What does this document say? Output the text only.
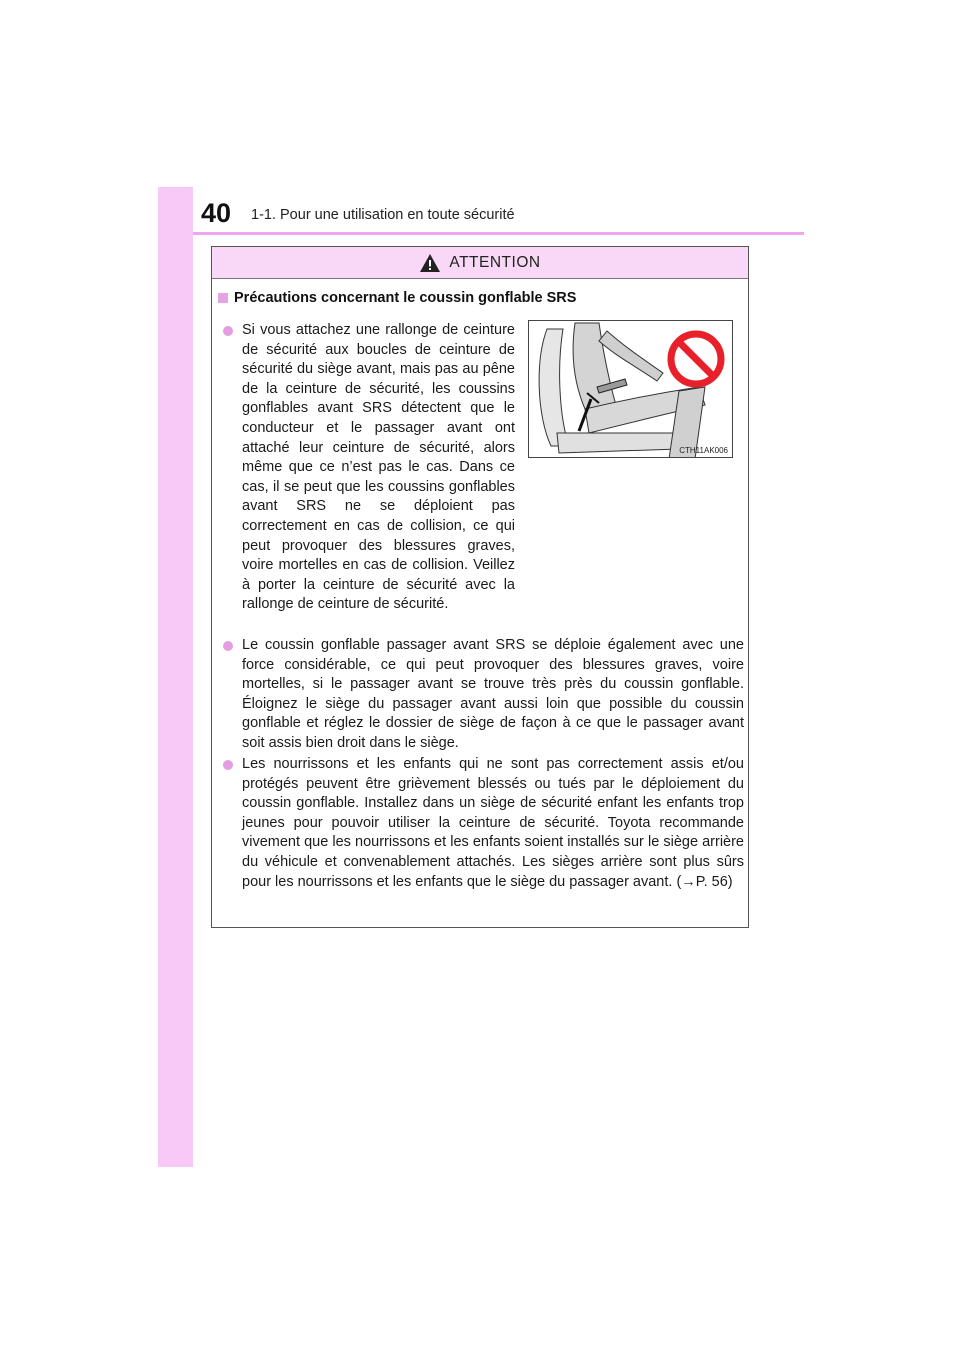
40 1-1. Pour une utilisation en toute sécurité
ATTENTION
Précautions concernant le coussin gonflable SRS
Si vous attachez une rallonge de ceinture de sécurité aux boucles de ceinture de sécurité du siège avant, mais pas au pêne de la ceinture de sécurité, les coussins gonflables avant SRS détectent que le conducteur et le passager avant ont attaché leur ceinture de sécurité, alors même que ce n’est pas le cas. Dans ce cas, il se peut que les coussins gonflables avant SRS ne se déploient pas correctement en cas de collision, ce qui peut provoquer des blessures graves, voire mortelles en cas de collision. Veillez à porter la ceinture de sécurité avec la rallonge de ceinture de sécurité.
CTH11AK006
Le coussin gonflable passager avant SRS se déploie également avec une force considérable, ce qui peut provoquer des blessures graves, voire mortelles, si le passager avant se trouve très près du coussin gonflable. Éloignez le siège du passager avant aussi loin que possible du coussin gonflable et réglez le dossier de siège de façon à ce que le passager avant soit assis bien droit dans le siège.
Les nourrissons et les enfants qui ne sont pas correctement assis et/ou protégés peuvent être grièvement blessés ou tués par le déploiement du coussin gonflable. Installez dans un siège de sécurité enfant les enfants trop jeunes pour pouvoir utiliser la ceinture de sécurité. Toyota recommande vivement que les nourrissons et les enfants soient installés sur le siège arrière du véhicule et convenablement attachés. Les sièges arrière sont plus sûrs pour les nourrissons et les enfants que le siège du passager avant. (→P. 56)
